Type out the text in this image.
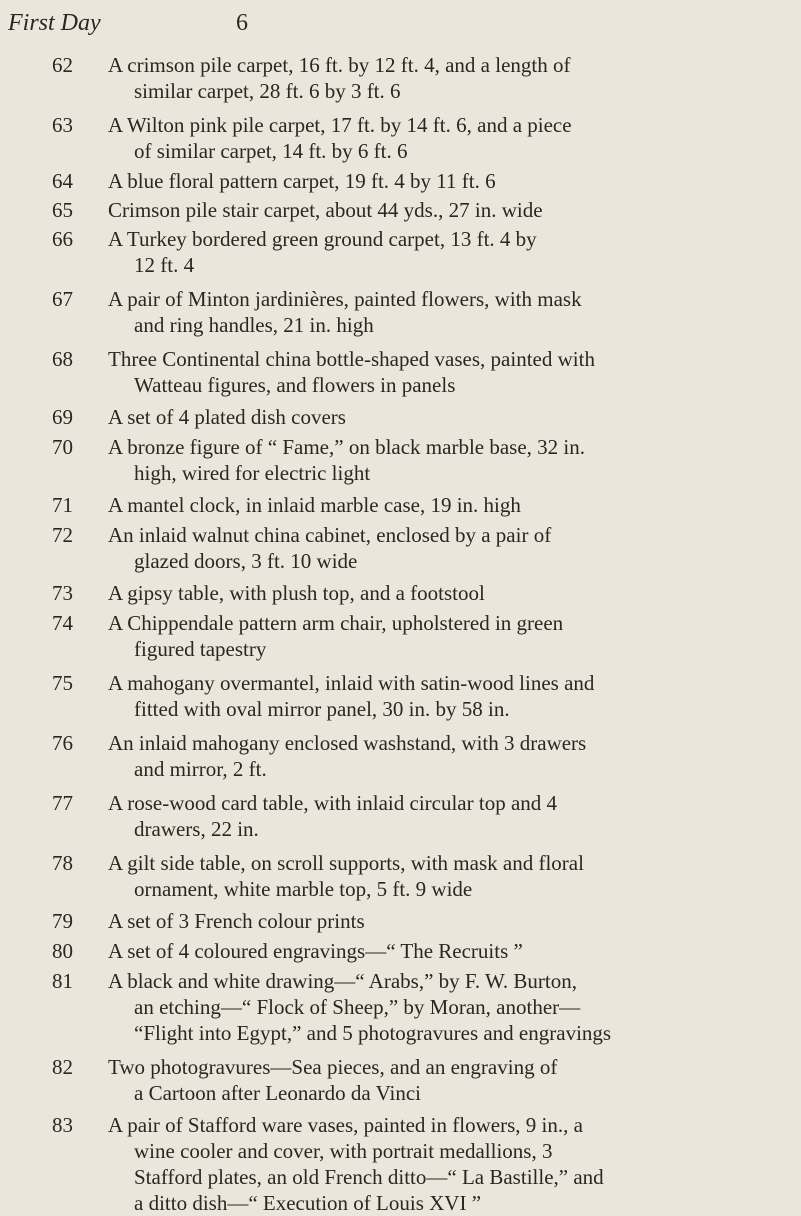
First Day	6
62	A crimson pile carpet, 16 ft. by 12 ft. 4, and a length of
similar carpet, 28 ft. 6 by 3 ft. 6
63	A Wilton pink pile carpet, 17 ft. by 14 ft. 6, and a piece
of similar carpet, 14 ft. by 6 ft. 6
64	A blue floral pattern carpet, 19 ft. 4 by 11 ft. 6
65	Crimson pile stair carpet, about 44 yds., 27 in. wide
66	A Turkey bordered green ground carpet, 13 ft. 4 by
12 ft. 4
67	A pair of Minton jardinières, painted flowers, with mask
and ring handles, 21 in. high
68	Three Continental china bottle-shaped vases, painted with
Watteau figures, and flowers in panels
69	A set of 4 plated dish covers
70	A bronze figure of “ Fame,” on black marble base, 32 in.
high, wired for electric light
71	A mantel clock, in inlaid marble case, 19 in. high
72	An inlaid walnut china cabinet, enclosed by a pair of
glazed doors, 3 ft. 10 wide
73	A gipsy table, with plush top, and a footstool
74	A Chippendale pattern arm chair, upholstered in green
figured tapestry
75	A mahogany overmantel, inlaid with satin-wood lines and
fitted with oval mirror panel, 30 in. by 58 in.
76	An inlaid mahogany enclosed washstand, with 3 drawers
and mirror, 2 ft.
77	A rose-wood card table, with inlaid circular top and 4
drawers, 22 in.
78	A gilt side table, on scroll supports, with mask and floral
ornament, white marble top, 5 ft. 9 wide
79	A set of 3 French colour prints
80	A set of 4 coloured engravings—“ The Recruits ”
81	A black and white drawing—“ Arabs,” by F. W. Burton,
an etching—“ Flock of Sheep,” by Moran, another—
“Flight into Egypt,” and 5 photogravures and engravings
82	Two photogravures—Sea pieces, and an engraving of
a Cartoon after Leonardo da Vinci
83	A pair of Stafford ware vases, painted in flowers, 9 in., a
wine cooler and cover, with portrait medallions, 3
Stafford plates, an old French ditto—“ La Bastille,” and
a ditto dish—“ Execution of Louis XVI ”
